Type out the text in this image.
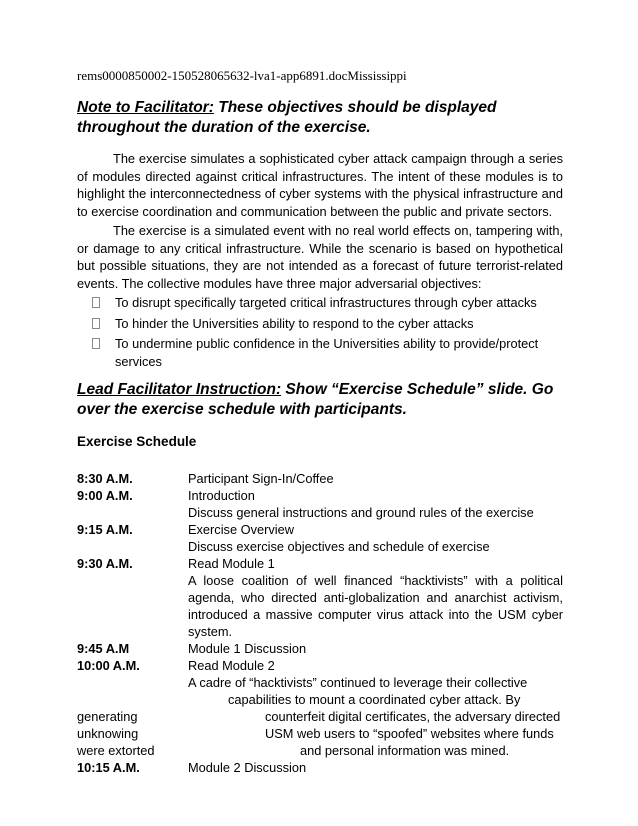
rems0000850002-150528065632-lva1-app6891.docMississippi
Note to Facilitator: These objectives should be displayed throughout the duration of the exercise.

The exercise simulates a sophisticated cyber attack campaign through a series of modules directed against critical infrastructures. The intent of these modules is to highlight the interconnectedness of cyber systems with the physical infrastructure and to exercise coordination and communication between the public and private sectors.

The exercise is a simulated event with no real world effects on, tampering with, or damage to any critical infrastructure. While the scenario is based on hypothetical but possible situations, they are not intended as a forecast of future terrorist-related events. The collective modules have three major adversarial objectives:

To disrupt specifically targeted critical infrastructures through cyber attacks
To hinder the Universities ability to respond to the cyber attacks
To undermine public confidence in the Universities ability to provide/protect services
Lead Facilitator Instruction: Show “Exercise Schedule” slide. Go over the exercise schedule with participants.
Exercise Schedule
8:30 A.M.	Participant Sign-In/Coffee
9:00 A.M.	Introduction
	Discuss general instructions and ground rules of the exercise
9:15 A.M.	Exercise Overview
	Discuss exercise objectives and schedule of exercise
9:30 A.M.	Read Module 1
	A loose coalition of well financed “hacktivists” with a political agenda, who directed anti-globalization and anarchist activism, introduced a massive computer virus attack into the USM cyber system.
9:45 A.M	Module 1 Discussion
10:00 A.M.	Read Module 2
	A cadre of “hacktivists” continued to leverage their collective

	capabilities to mount a coordinated cyber attack. By

generating	counterfeit digital certificates, the adversary directed

unknowing	USM web users to “spoofed” websites where funds

were extorted	and personal information was mined.

10:15 A.M.	Module 2 Discussion
